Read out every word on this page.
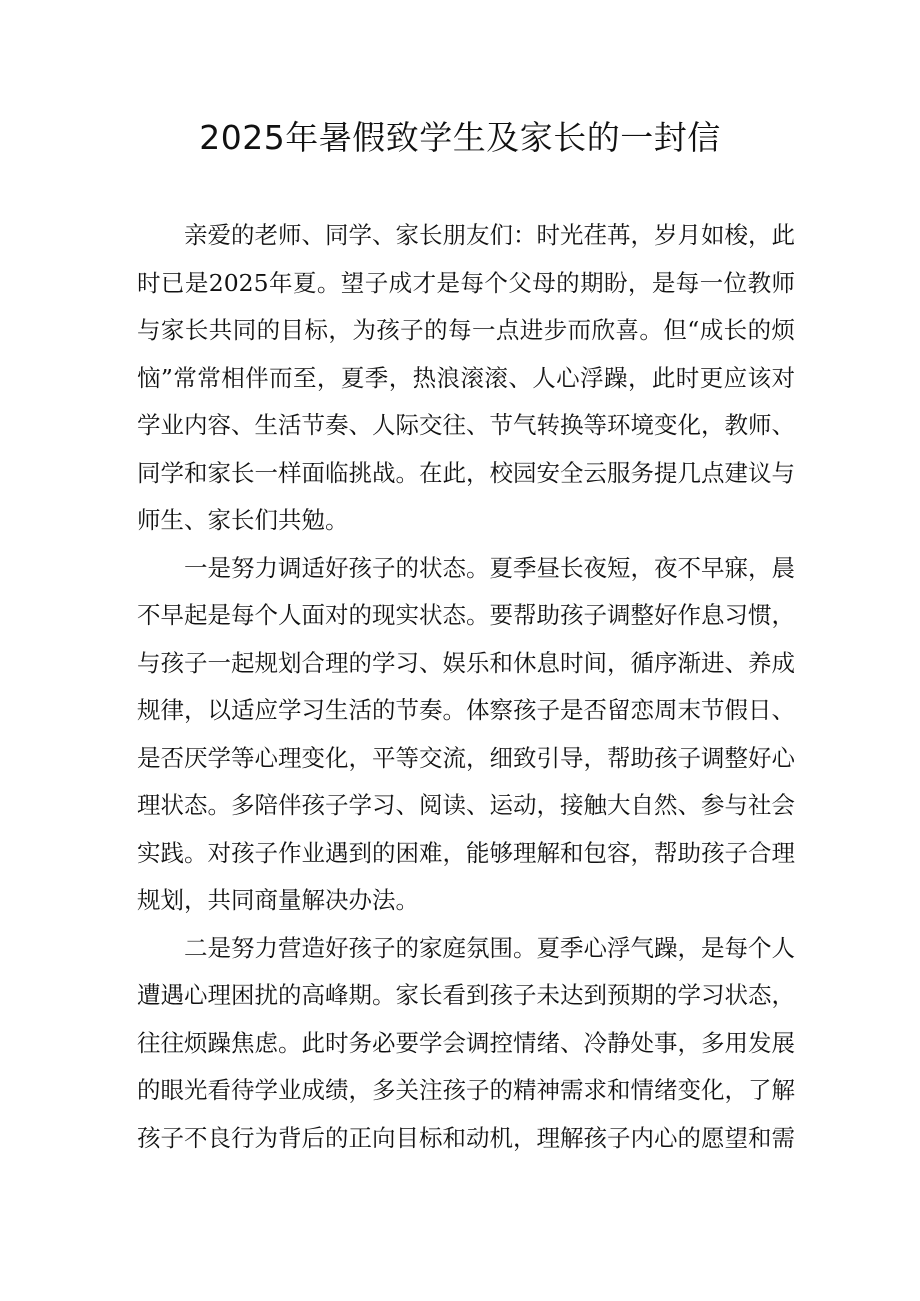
2025年暑假致学生及家长的一封信

亲爱的老师、同学、家长朋友们：时光荏苒，岁月如梭，此时已是2025年夏。望子成才是每个父母的期盼，是每一位教师与家长共同的目标，为孩子的每一点进步而欣喜。但“成长的烦恼”常常相伴而至，夏季，热浪滚滚、人心浮躁，此时更应该对学业内容、生活节奏、人际交往、节气转换等环境变化，教师、同学和家长一样面临挑战。在此，校园安全云服务提几点建议与师生、家长们共勉。

一是努力调适好孩子的状态。夏季昼长夜短，夜不早寐，晨不早起是每个人面对的现实状态。要帮助孩子调整好作息习惯，与孩子一起规划合理的学习、娱乐和休息时间，循序渐进、养成规律，以适应学习生活的节奏。体察孩子是否留恋周末节假日、是否厌学等心理变化，平等交流，细致引导，帮助孩子调整好心理状态。多陪伴孩子学习、阅读、运动，接触大自然、参与社会实践。对孩子作业遇到的困难，能够理解和包容，帮助孩子合理规划，共同商量解决办法。

二是努力营造好孩子的家庭氛围。夏季心浮气躁，是每个人遭遇心理困扰的高峰期。家长看到孩子未达到预期的学习状态，往往烦躁焦虑。此时务必要学会调控情绪、冷静处事，多用发展的眼光看待学业成绩，多关注孩子的精神需求和情绪变化，了解孩子不良行为背后的正向目标和动机，理解孩子内心的愿望和需
